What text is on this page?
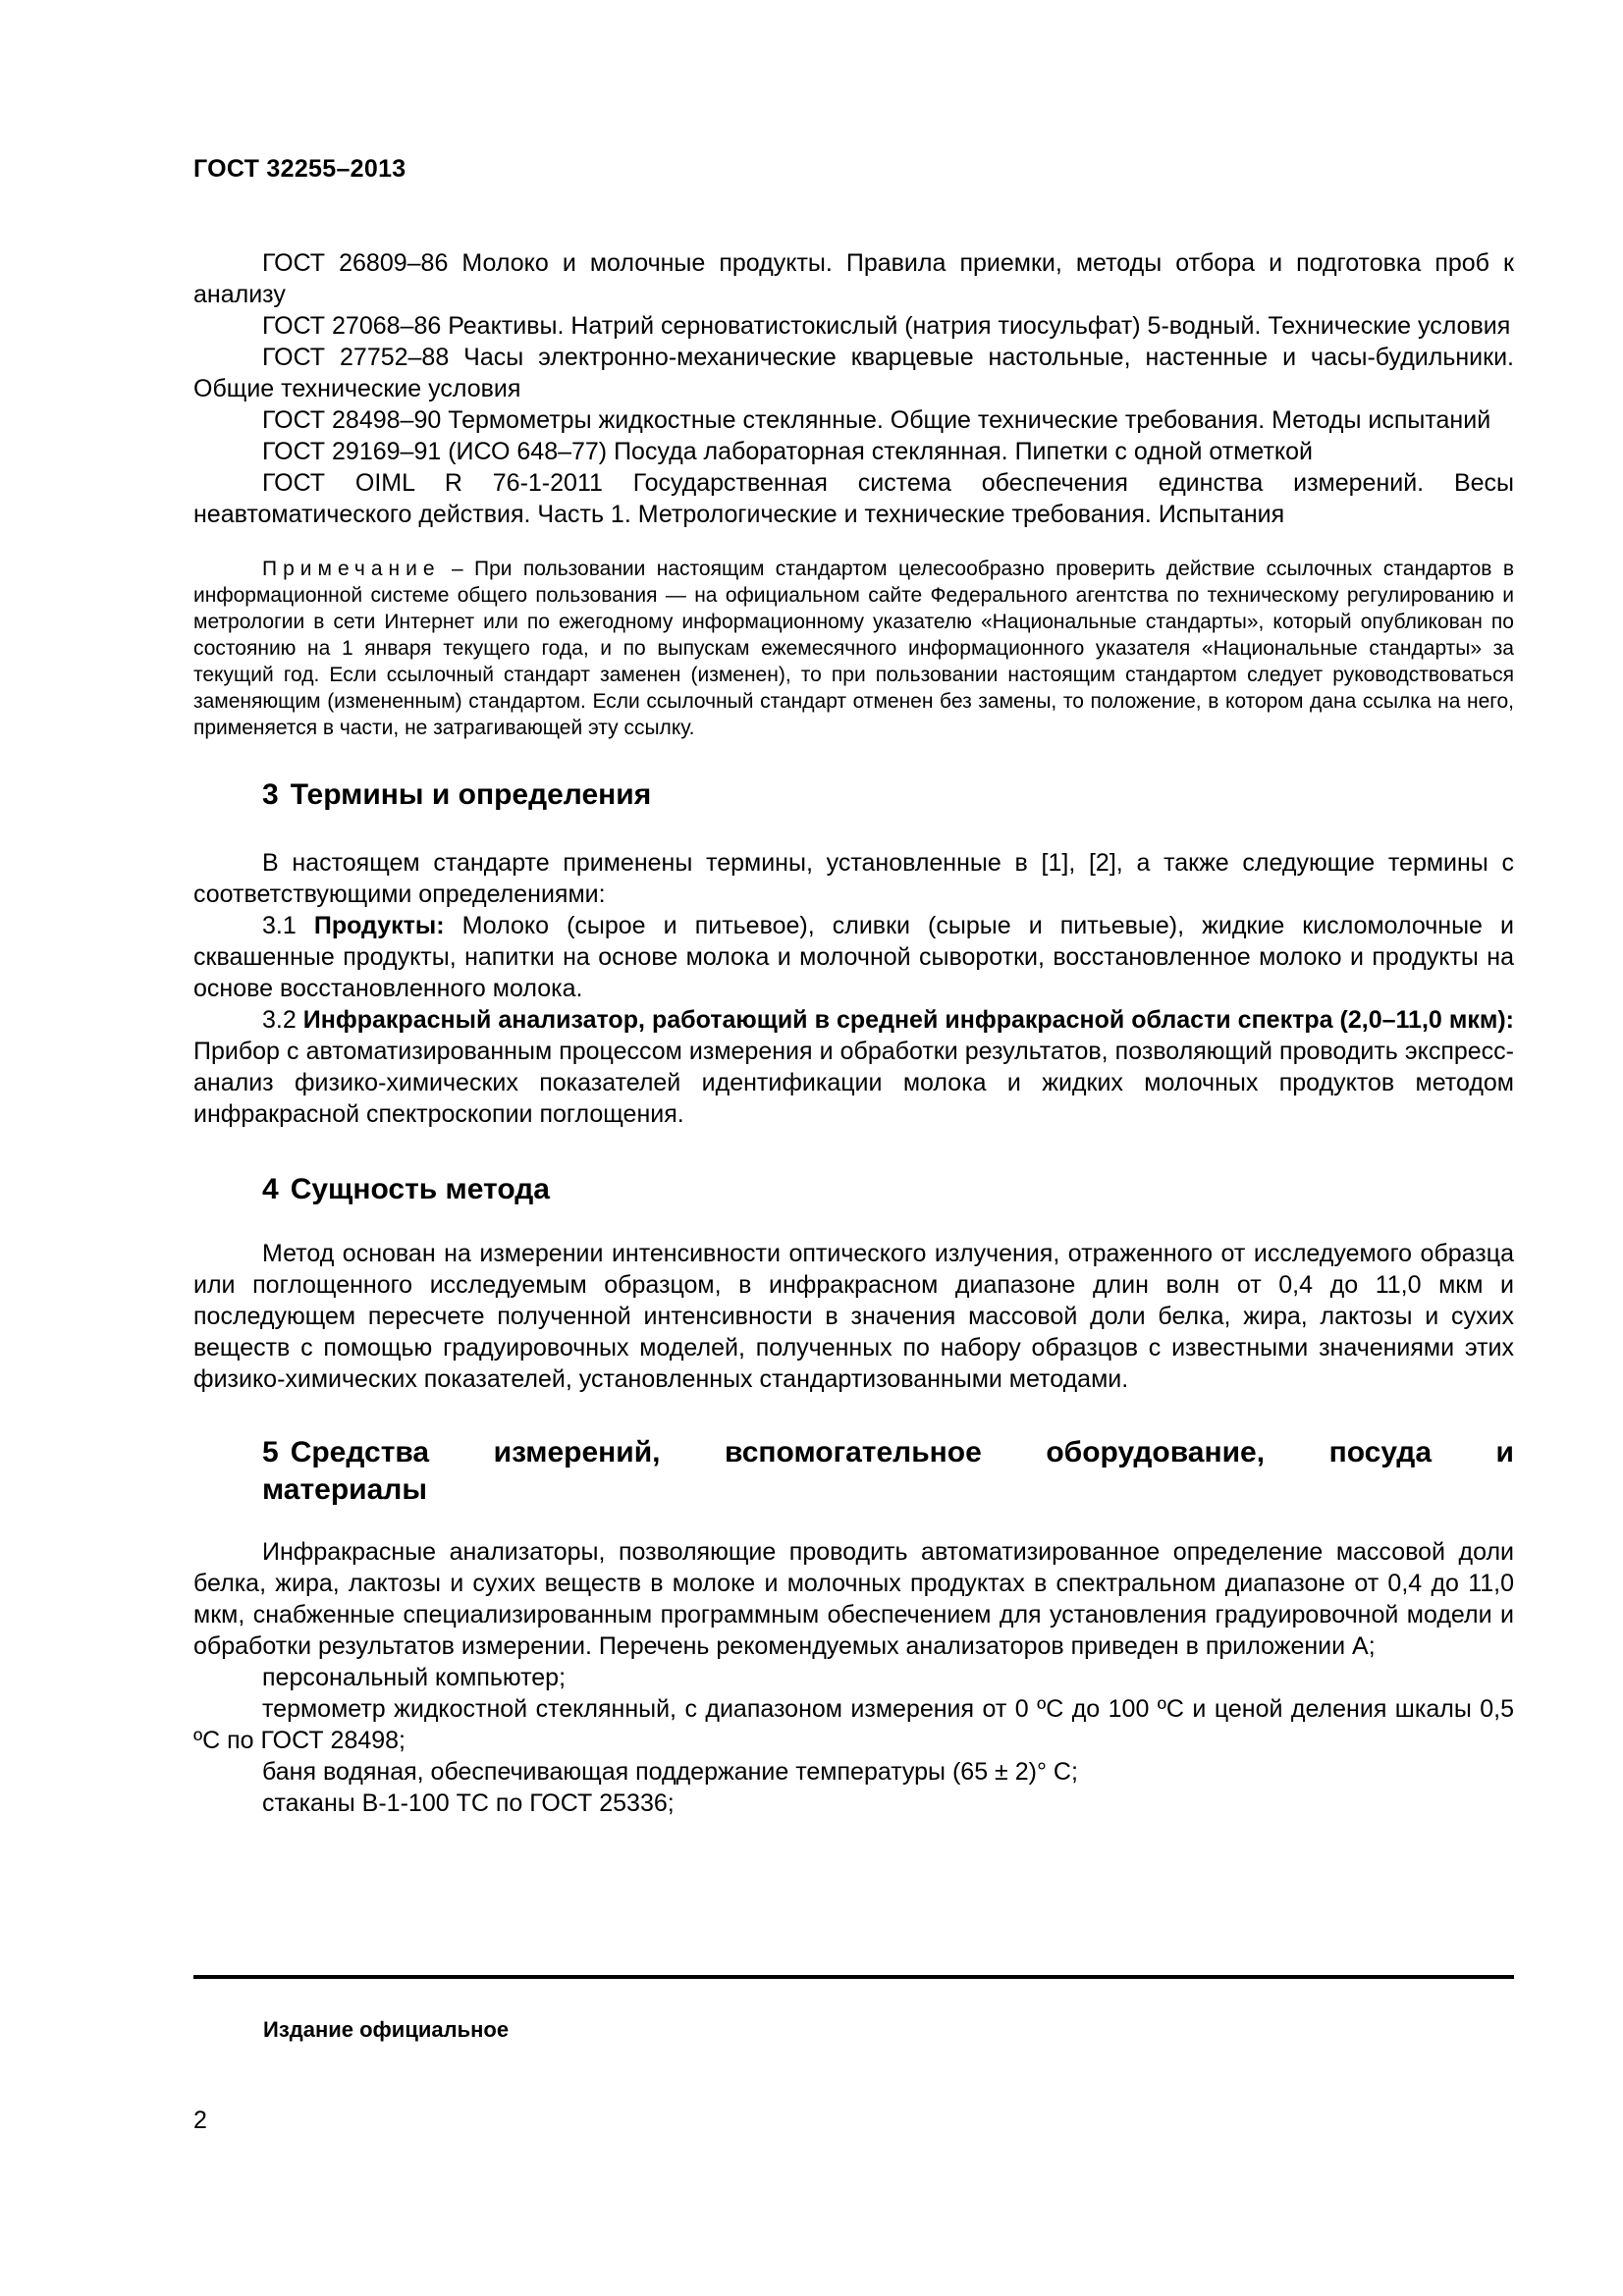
ГОСТ 32255–2013

ГОСТ 26809–86 Молоко и молочные продукты. Правила приемки, методы отбора и подготовка проб к анализу

ГОСТ 27068–86 Реактивы. Натрий серноватистокислый (натрия тиосульфат) 5-водный. Технические условия

ГОСТ 27752–88 Часы электронно-механические кварцевые настольные, настенные и часы-будильники. Общие технические условия

ГОСТ 28498–90 Термометры жидкостные стеклянные. Общие технические требования. Методы испытаний

ГОСТ 29169–91 (ИСО 648–77) Посуда лабораторная стеклянная. Пипетки с одной отметкой

ГОСТ OIML R 76-1-2011 Государственная система обеспечения единства измерений. Весы неавтоматического действия. Часть 1. Метрологические и технические требования. Испытания

Примечание – При пользовании настоящим стандартом целесообразно проверить действие ссылочных стандартов в информационной системе общего пользования — на официальном сайте Федерального агентства по техническому регулированию и метрологии в сети Интернет или по ежегодному информационному указателю «Национальные стандарты», который опубликован по состоянию на 1 января текущего года, и по выпускам ежемесячного информационного указателя «Национальные стандарты» за текущий год. Если ссылочный стандарт заменен (изменен), то при пользовании настоящим стандартом следует руководствоваться заменяющим (измененным) стандартом. Если ссылочный стандарт отменен без замены, то положение, в котором дана ссылка на него, применяется в части, не затрагивающей эту ссылку.

3 Термины и определения

В настоящем стандарте применены термины, установленные в [1], [2], а также следующие термины с соответствующими определениями:

3.1 Продукты: Молоко (сырое и питьевое), сливки (сырые и питьевые), жидкие кисломолочные и сквашенные продукты, напитки на основе молока и молочной сыворотки, восстановленное молоко и продукты на основе восстановленного молока.

3.2 Инфракрасный анализатор, работающий в средней инфракрасной области спектра (2,0–11,0 мкм): Прибор с автоматизированным процессом измерения и обработки результатов, позволяющий проводить экспресс-анализ физико-химических показателей идентификации молока и жидких молочных продуктов методом инфракрасной спектроскопии поглощения.

4 Сущность метода

Метод основан на измерении интенсивности оптического излучения, отраженного от исследуемого образца или поглощенного исследуемым образцом, в инфракрасном диапазоне длин волн от 0,4 до 11,0 мкм и последующем пересчете полученной интенсивности в значения массовой доли белка, жира, лактозы и сухих веществ с помощью градуировочных моделей, полученных по набору образцов с известными значениями этих физико-химических показателей, установленных стандартизованными методами.

5 Средства измерений, вспомогательное оборудование, посуда и
материалы

Инфракрасные анализаторы, позволяющие проводить автоматизированное определение массовой доли белка, жира, лактозы и сухих веществ в молоке и молочных продуктах в спектральном диапазоне от 0,4 до 11,0 мкм, снабженные специализированным программным обеспечением для установления градуировочной модели и обработки результатов измерении. Перечень рекомендуемых анализаторов приведен в приложении А;

персональный компьютер;

термометр жидкостной стеклянный, с диапазоном измерения от 0 ºС до 100 ºС и ценой деления шкалы 0,5 ºС по ГОСТ 28498;

баня водяная, обеспечивающая поддержание температуры (65 ± 2)° С;

стаканы В-1-100 ТС по ГОСТ 25336;

Издание официальное
2
